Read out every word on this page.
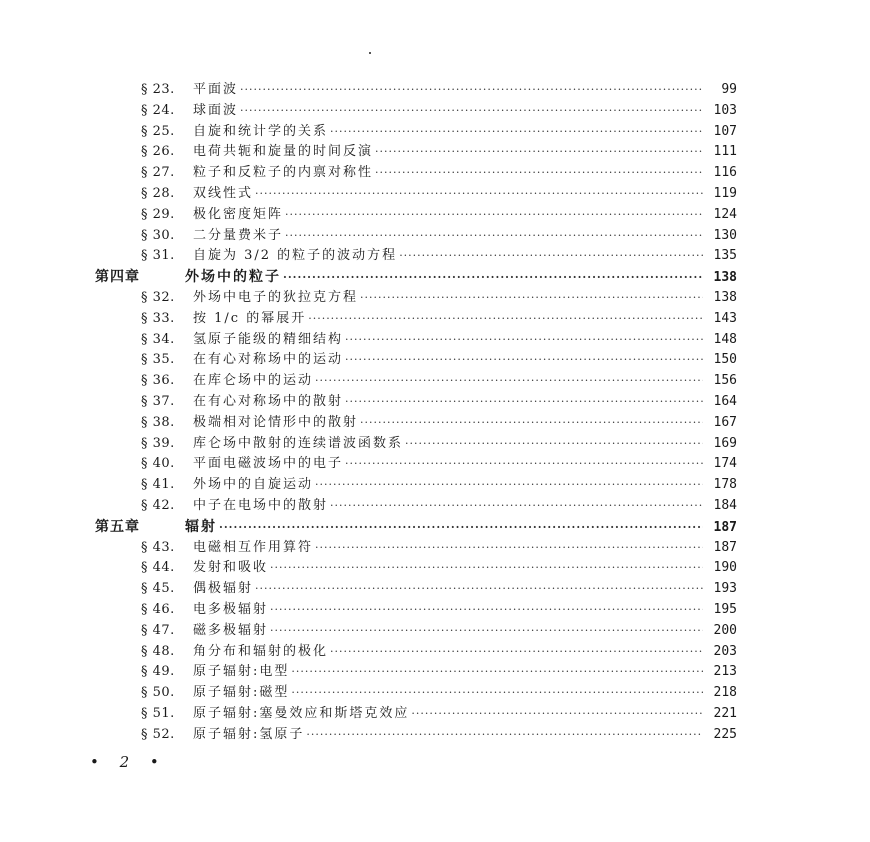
§ 23.	平面波 ·····	99
§ 24.	球面波 ·····	103
§ 25.	自旋和统计学的关系 ·····	107
§ 26.	电荷共轭和旋量的时间反演 ·····	111
§ 27.	粒子和反粒子的内禀对称性 ·····	116
§ 28.	双线性式 ·····	119
§ 29.	极化密度矩阵 ·····	124
§ 30.	二分量费米子 ·····	130
§ 31.	自旋为 3/2 的粒子的波动方程 ·····	135
第四章	外场中的粒子 ·····	138
§ 32.	外场中电子的狄拉克方程 ·····	138
§ 33.	按 1/c 的幂展开 ·····	143
§ 34.	氢原子能级的精细结构 ·····	148
§ 35.	在有心对称场中的运动 ·····	150
§ 36.	在库仑场中的运动 ·····	156
§ 37.	在有心对称场中的散射 ·····	164
§ 38.	极端相对论情形中的散射 ·····	167
§ 39.	库仑场中散射的连续谱波函数系 ·····	169
§ 40.	平面电磁波场中的电子 ·····	174
§ 41.	外场中的自旋运动 ·····	178
§ 42.	中子在电场中的散射 ·····	184
第五章	辐射 ·····	187
§ 43.	电磁相互作用算符 ·····	187
§ 44.	发射和吸收 ·····	190
§ 45.	偶极辐射 ·····	193
§ 46.	电多极辐射 ·····	195
§ 47.	磁多极辐射 ·····	200
§ 48.	角分布和辐射的极化 ·····	203
§ 49.	原子辐射:电型 ·····	213
§ 50.	原子辐射:磁型 ·····	218
§ 51.	原子辐射:塞曼效应和斯塔克效应 ·····	221
§ 52.	原子辐射:氢原子 ·····	225
• 2 •
